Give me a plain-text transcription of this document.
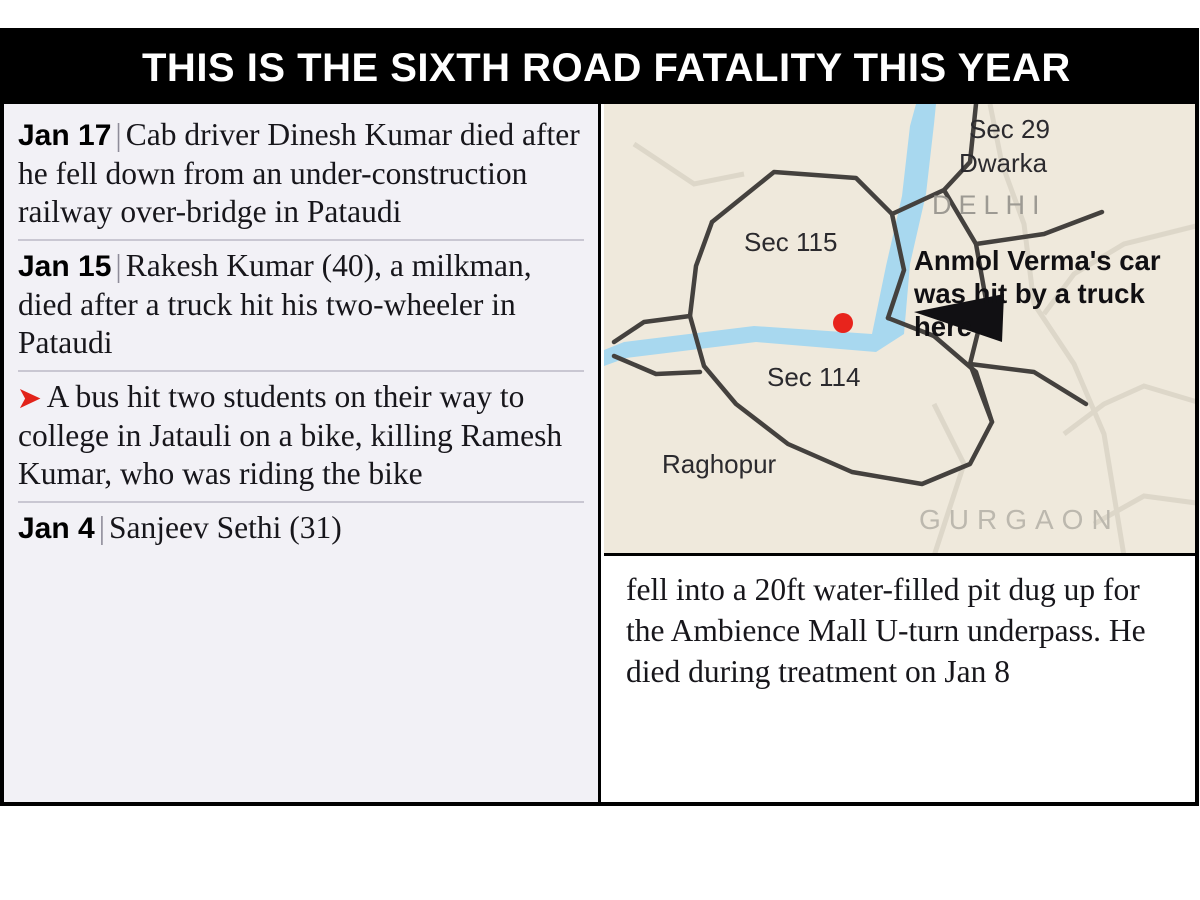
THIS IS THE SIXTH ROAD FATALITY THIS YEAR
Jan 17 | Cab driver Dinesh Kumar died after he fell down from an under-construction railway over-bridge in Pataudi
Jan 15 | Rakesh Kumar (40), a milkman, died after a truck hit his two-wheeler in Pataudi
➤ A bus hit two students on their way to college in Jatauli on a bike, killing Ramesh Kumar, who was riding the bike
Jan 4 | Sanjeev Sethi (31)
Sec 29
Dwarka
DELHI
Sec 115
Sec 114
Raghopur
GURGAON
Anmol Verma's car was hit by a truck here
fell into a 20ft water-filled pit dug up for the Ambience Mall U-turn underpass. He died during treatment on Jan 8
